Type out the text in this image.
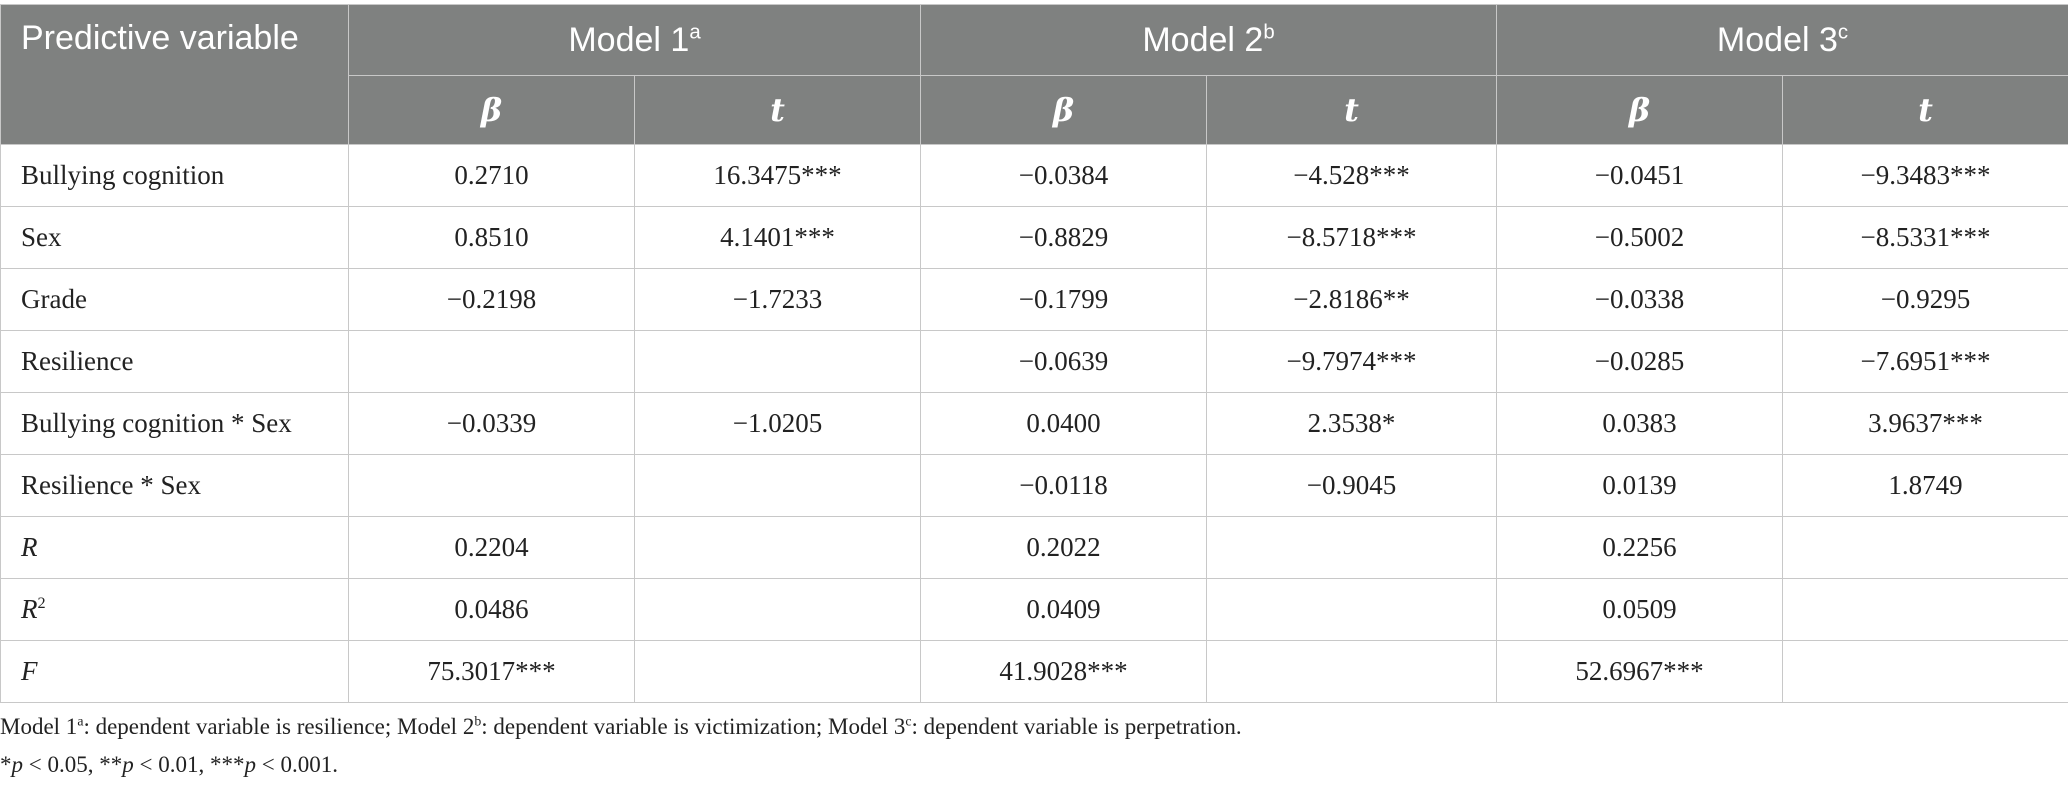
Predictive variable	Model 1$^a$		Model 2$^b$		Model 3$^c$
	β	t	β	t	β	t
Bullying cognition	0.2710	16.3475***	−0.0384	−4.528***	−0.0451	−9.3483***
Sex	0.8510	4.1401***	−0.8829	−8.5718***	−0.5002	−8.5331***
Grade	−0.2198	−1.7233	−0.1799	−2.8186**	−0.0338	−0.9295
Resilience			−0.0639	−9.7974***	−0.0285	−7.6951***
Bullying cognition * Sex	−0.0339	−1.0205	0.0400	2.3538*	0.0383	3.9637***
Resilience * Sex			−0.0118	−0.9045	0.0139	1.8749
R	0.2204		0.2022		0.2256	
$R^2$	0.0486		0.0409		0.0509	
F	75.3017***		41.9028***		52.6967***	
Model 1$^a$: dependent variable is resilience; Model 2$^b$: dependent variable is victimization; Model 3$^c$: dependent variable is perpetration.
*p < 0.05, **p < 0.01, ***p < 0.001.
